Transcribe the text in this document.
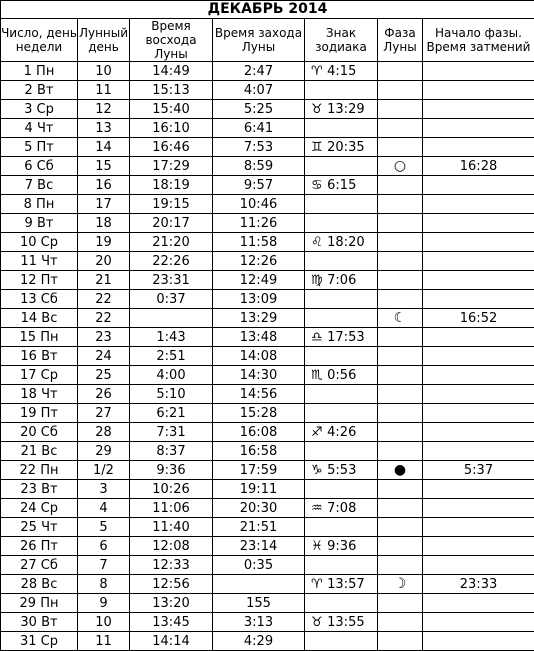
ДЕКАБРЬ 2014						
Число, день недели	Лунный день	Время восхода Луны	Время захода Луны	Знак зодиака	Фаза Луны	Начало фазы. Время затмений
1 Пн	10	14:49	2:47	♈ 4:15		
2 Вт	11	15:13	4:07			
3 Ср	12	15:40	5:25	♉ 13:29		
4 Чт	13	16:10	6:41			
5 Пт	14	16:46	7:53	♊ 20:35		
6 Сб	15	17:29	8:59		○	16:28
7 Вс	16	18:19	9:57	♋ 6:15		
8 Пн	17	19:15	10:46			
9 Вт	18	20:17	11:26			
10 Ср	19	21:20	11:58	♌ 18:20		
11 Чт	20	22:26	12:26			
12 Пт	21	23:31	12:49	♍ 7:06		
13 Сб	22	0:37	13:09			
14 Вс	22		13:29		☾	16:52
15 Пн	23	1:43	13:48	♎ 17:53		
16 Вт	24	2:51	14:08			
17 Ср	25	4:00	14:30	♏ 0:56		
18 Чт	26	5:10	14:56			
19 Пт	27	6:21	15:28			
20 Сб	28	7:31	16:08	♐ 4:26		
21 Вс	29	8:37	16:58			
22 Пн	1/2	9:36	17:59	♑ 5:53	●	5:37
23 Вт	3	10:26	19:11			
24 Ср	4	11:06	20:30	♒ 7:08		
25 Чт	5	11:40	21:51			
26 Пт	6	12:08	23:14	♓ 9:36		
27 Сб	7	12:33	0:35			
28 Вс	8	12:56		♈ 13:57	☽	23:33
29 Пн	9	13:20	155			
30 Вт	10	13:45	3:13	♉ 13:55		
31 Ср	11	14:14	4:29			
